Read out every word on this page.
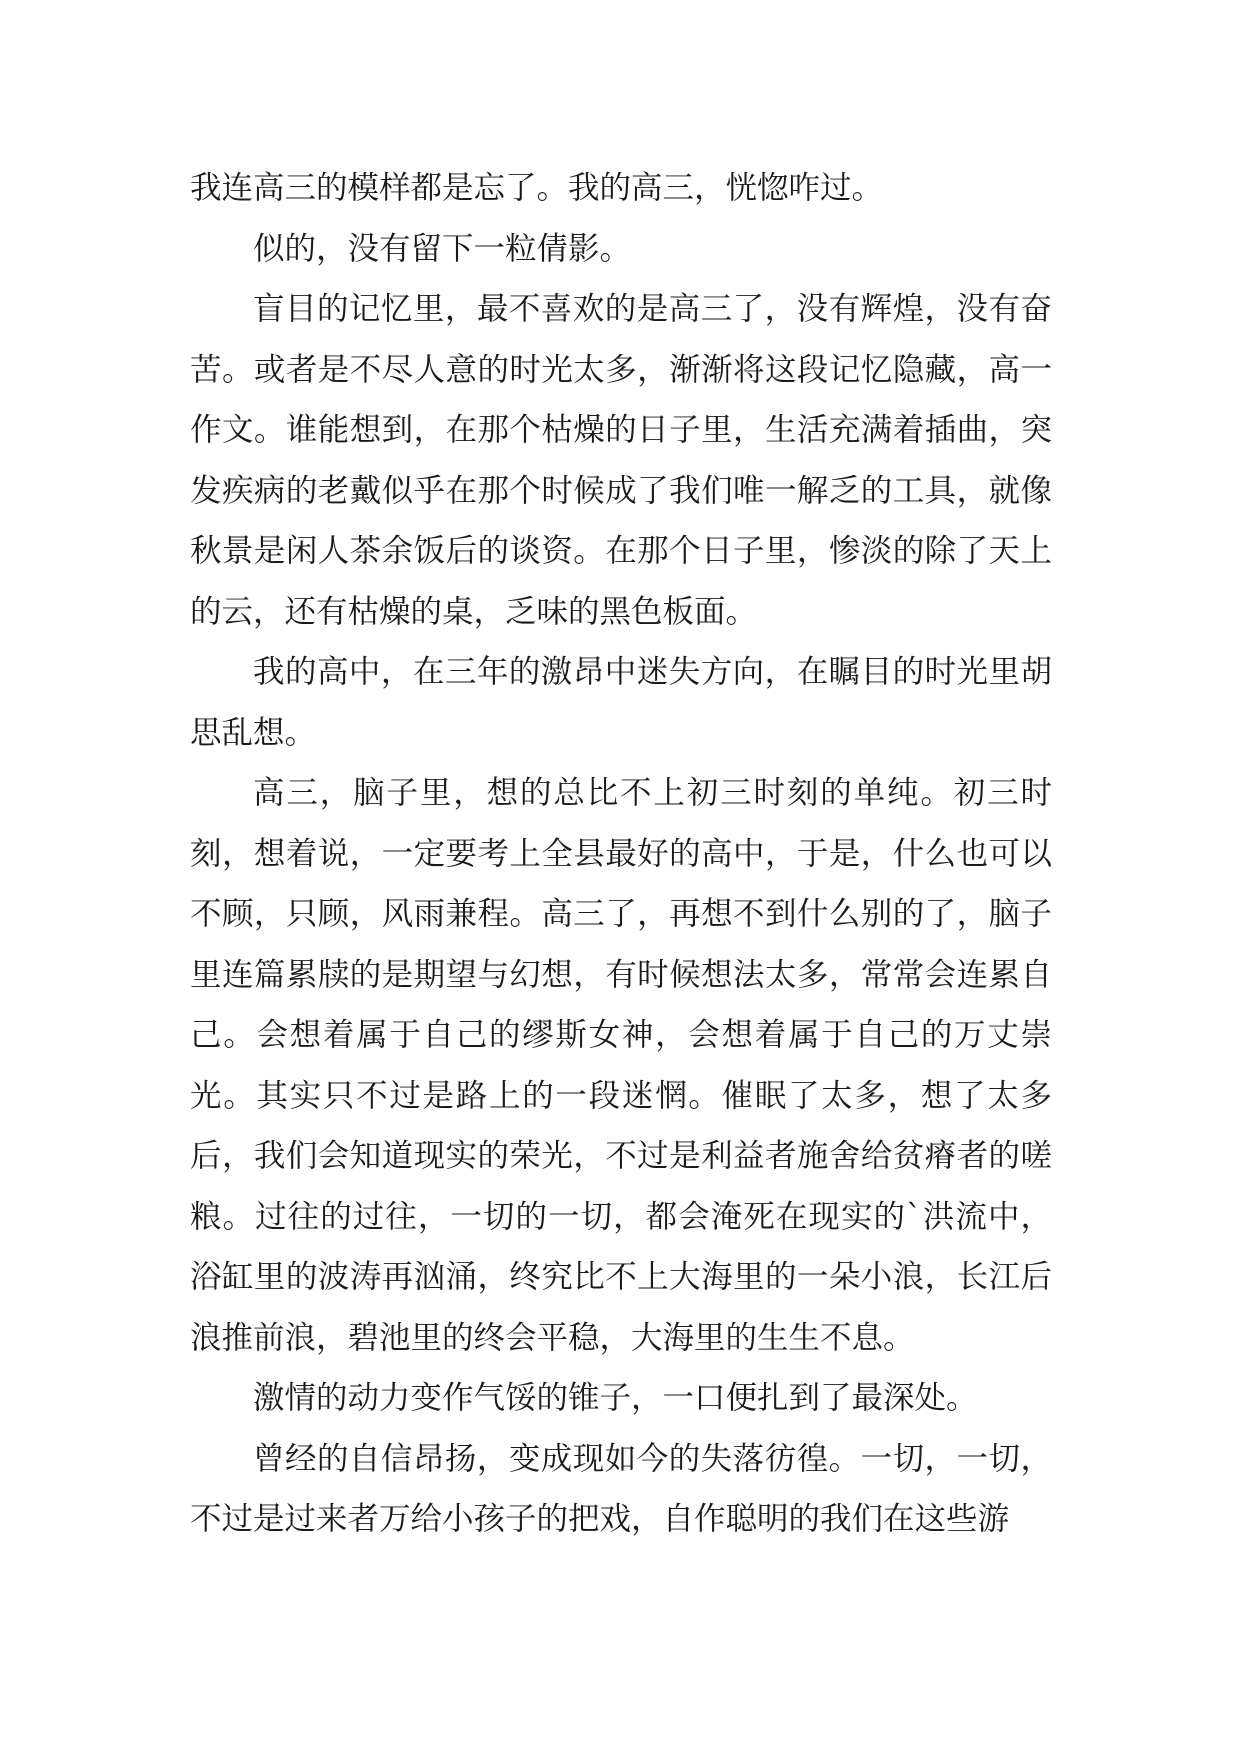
我连高三的模样都是忘了。我的高三，恍惚咋过。

似的，没有留下一粒倩影。

盲目的记忆里，最不喜欢的是高三了，没有辉煌，没有奋苦。或者是不尽人意的时光太多，渐渐将这段记忆隐藏，高一作文。谁能想到，在那个枯燥的日子里，生活充满着插曲，突发疾病的老戴似乎在那个时候成了我们唯一解乏的工具，就像秋景是闲人茶余饭后的谈资。在那个日子里，惨淡的除了天上的云，还有枯燥的桌，乏味的黑色板面。

我的高中，在三年的激昂中迷失方向，在瞩目的时光里胡思乱想。

高三，脑子里，想的总比不上初三时刻的单纯。初三时刻，想着说，一定要考上全县最好的高中，于是，什么也可以不顾，只顾，风雨兼程。高三了，再想不到什么别的了，脑子里连篇累牍的是期望与幻想，有时候想法太多，常常会连累自己。会想着属于自己的缪斯女神，会想着属于自己的万丈崇光。其实只不过是路上的一段迷惘。催眠了太多，想了太多后，我们会知道现实的荣光，不过是利益者施舍给贫瘠者的嗟粮。过往的过往，一切的一切，都会淹死在现实的`洪流中，浴缸里的波涛再汹涌，终究比不上大海里的一朵小浪，长江后浪推前浪，碧池里的终会平稳，大海里的生生不息。

激情的动力变作气馁的锥子，一口便扎到了最深处。

曾经的自信昂扬，变成现如今的失落彷徨。一切，一切，不过是过来者万给小孩子的把戏，自作聪明的我们在这些游
